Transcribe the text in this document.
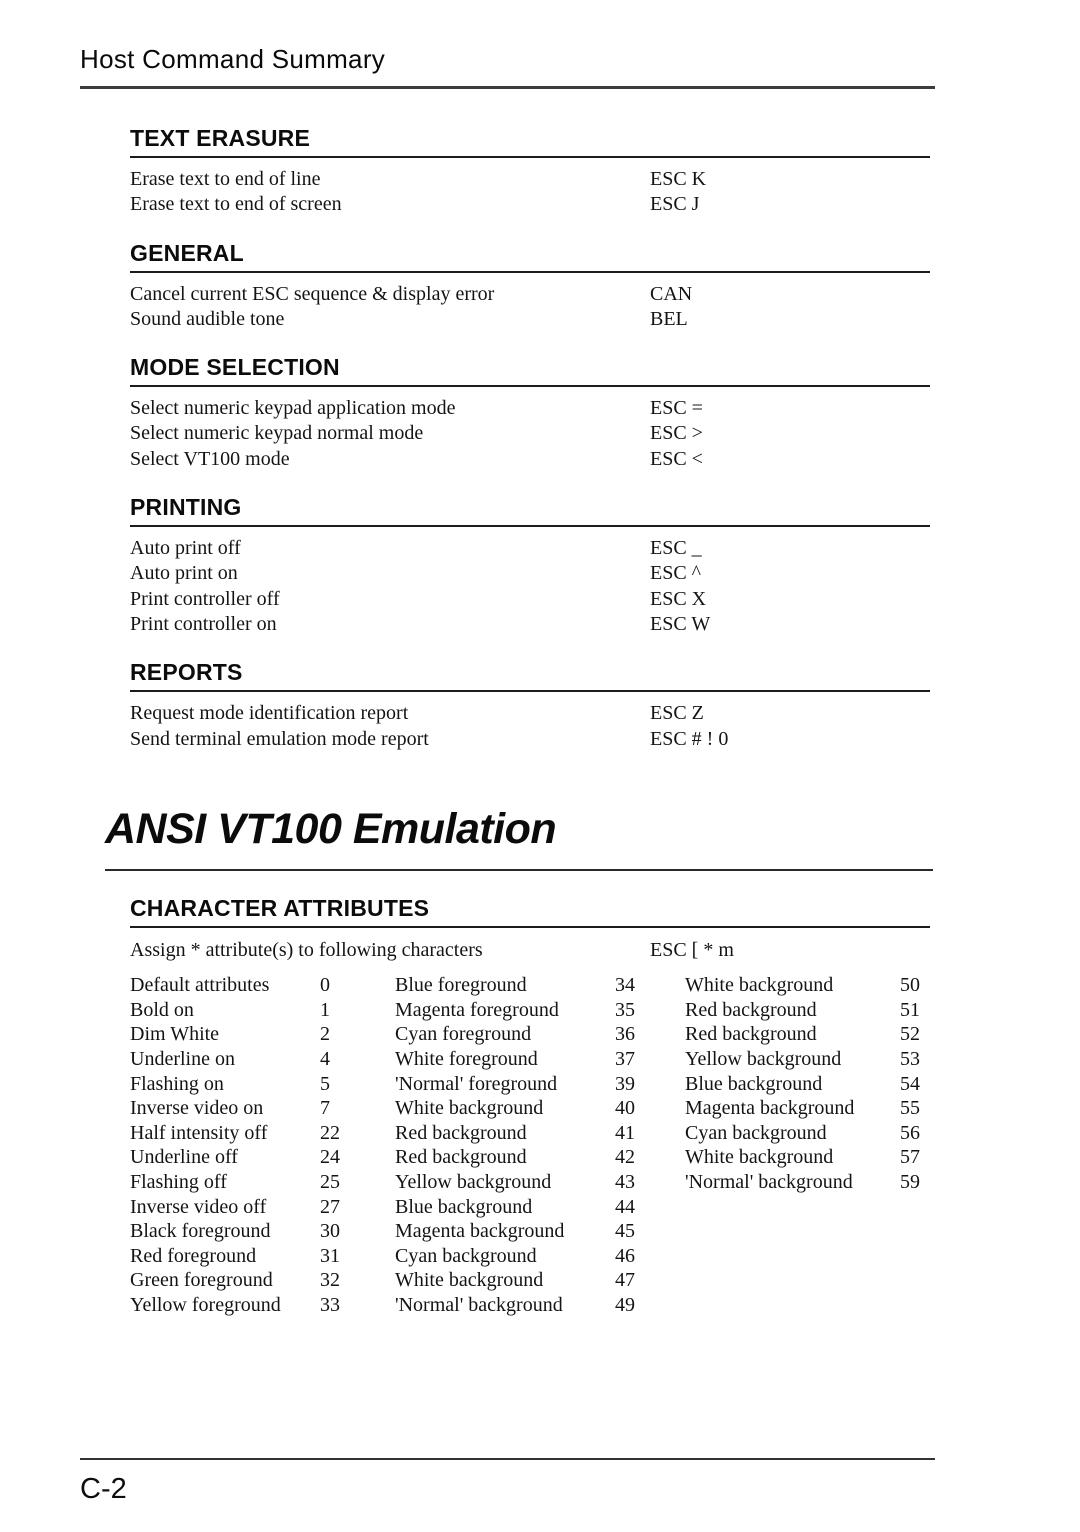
Host Command Summary
TEXT ERASURE
Erase text to end of line	ESC K
Erase text to end of screen	ESC J
GENERAL
Cancel current ESC sequence & display error	CAN
Sound audible tone	BEL
MODE SELECTION
Select numeric keypad application mode	ESC =
Select numeric keypad normal mode	ESC >
Select VT100 mode	ESC <
PRINTING
Auto print off	ESC _
Auto print on	ESC ^
Print controller off	ESC X
Print controller on	ESC W
REPORTS
Request mode identification report	ESC Z
Send terminal emulation mode report	ESC # ! 0
ANSI VT100 Emulation
CHARACTER ATTRIBUTES
Assign * attribute(s) to following characters	ESC [ * m
Default attributes	0
Bold on	1
Dim White	2
Underline on	4
Flashing on	5
Inverse video on	7
Half intensity off	22
Underline off	24
Flashing off	25
Inverse video off	27
Black foreground 30
Red foreground	31
Green foreground 32
Yellow foreground 33
Blue foreground	34
Magenta foreground	35
Cyan foreground	36
White foreground	37
'Normal' foreground	39
White background	40
Red background	41
Red background	42
Yellow background	43
Blue background	44
Magenta background	45
Cyan background	46
White background	47
'Normal' background	49
White background	50
Red background	51
Red background	52
Yellow background	53
Blue background	54
Magenta background 55
Cyan background	56
White background	57
'Normal' background 59
C-2
